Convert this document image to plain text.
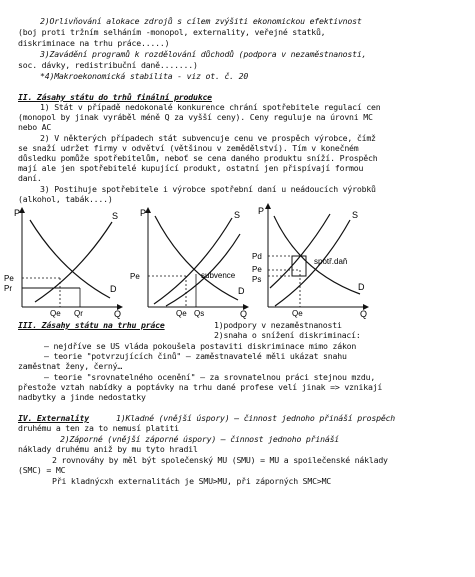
2)Orlivňování alokace zdrojů s cílem zvýšiti ekonomickou efektivnost
(boj proti tržním selháním -monopol, externality, veřejné statků,
diskriminace na trhu práce.....)
3)Zavádění programů k rozdělování důchodů (podpora v nezaměstnanosti,
soc. dávky, redistribuční daně.......)
*4)Makroekonomická stabilita - viz ot. č. 20
II. Zásahy státu do trhů finální produkce
1) Stát v případě nedokonalé konkurence chrání spotřebitele regulací cen
(monopol by jinak vyráběl méně Q za vyšší ceny). Ceny reguluje na úrovni MC
nebo AC
2) V některých případech stát subvencuje cenu ve prospěch výrobce, čímž
se snaží udržet firmy v odvětví (většinou v zemědělství). Tím v konečném
důsledku pomůže spotřebitelům, neboť se cena daného produktu sníží. Prospěch
mají ale jen spotřebitelé kupující produkt, ostatní jen přispívají formou
daní.
3) Postihuje spotřebitele i výrobce spotřební daní u neádoucích výrobků
(alkohol, tabák....)
P
Q
S
D
Pe
Pr
Qe Qr
P
Q
S
D
subvence
Pe
Qe Qs
P
Q
S
D
Pd
Pe
Ps
spotř.daň
Qe
III. Zásahy státu na trhu práce	1)podpory v nezaměstnanosti
2)snaha o snížení diskriminací:
– nejdříve se US vláda pokoušela postaviti diskriminace mimo zákon
– teorie "potvrzujících činů" – zaměstnavatelé měli ukázat snahu
zaměstnat ženy, černý…
– teorie "srovnatelného ocenění" – za srovnatelnou práci stejnou mzdu,
přestože vztah nabídky a poptávky na trhu dané profese velí jinak => vznikají
nadbytky a jinde nedostatky
IV. Externality	1)Kladné (vnější úspory) – činnost jednoho přináší prospěch
druhému a ten za to nemusí platiti
2)Záporné (vnější záporné úspory) – činnost jednoho přináší
náklady druhému aniž by mu tyto hradil
2 rovnováhy by měl být společenský MU (SMU) = MU a spoilečenské náklady
(SMC) = MC
Při kladnýcxh externalitách je SMU>MU, při záporných SMC>MC
